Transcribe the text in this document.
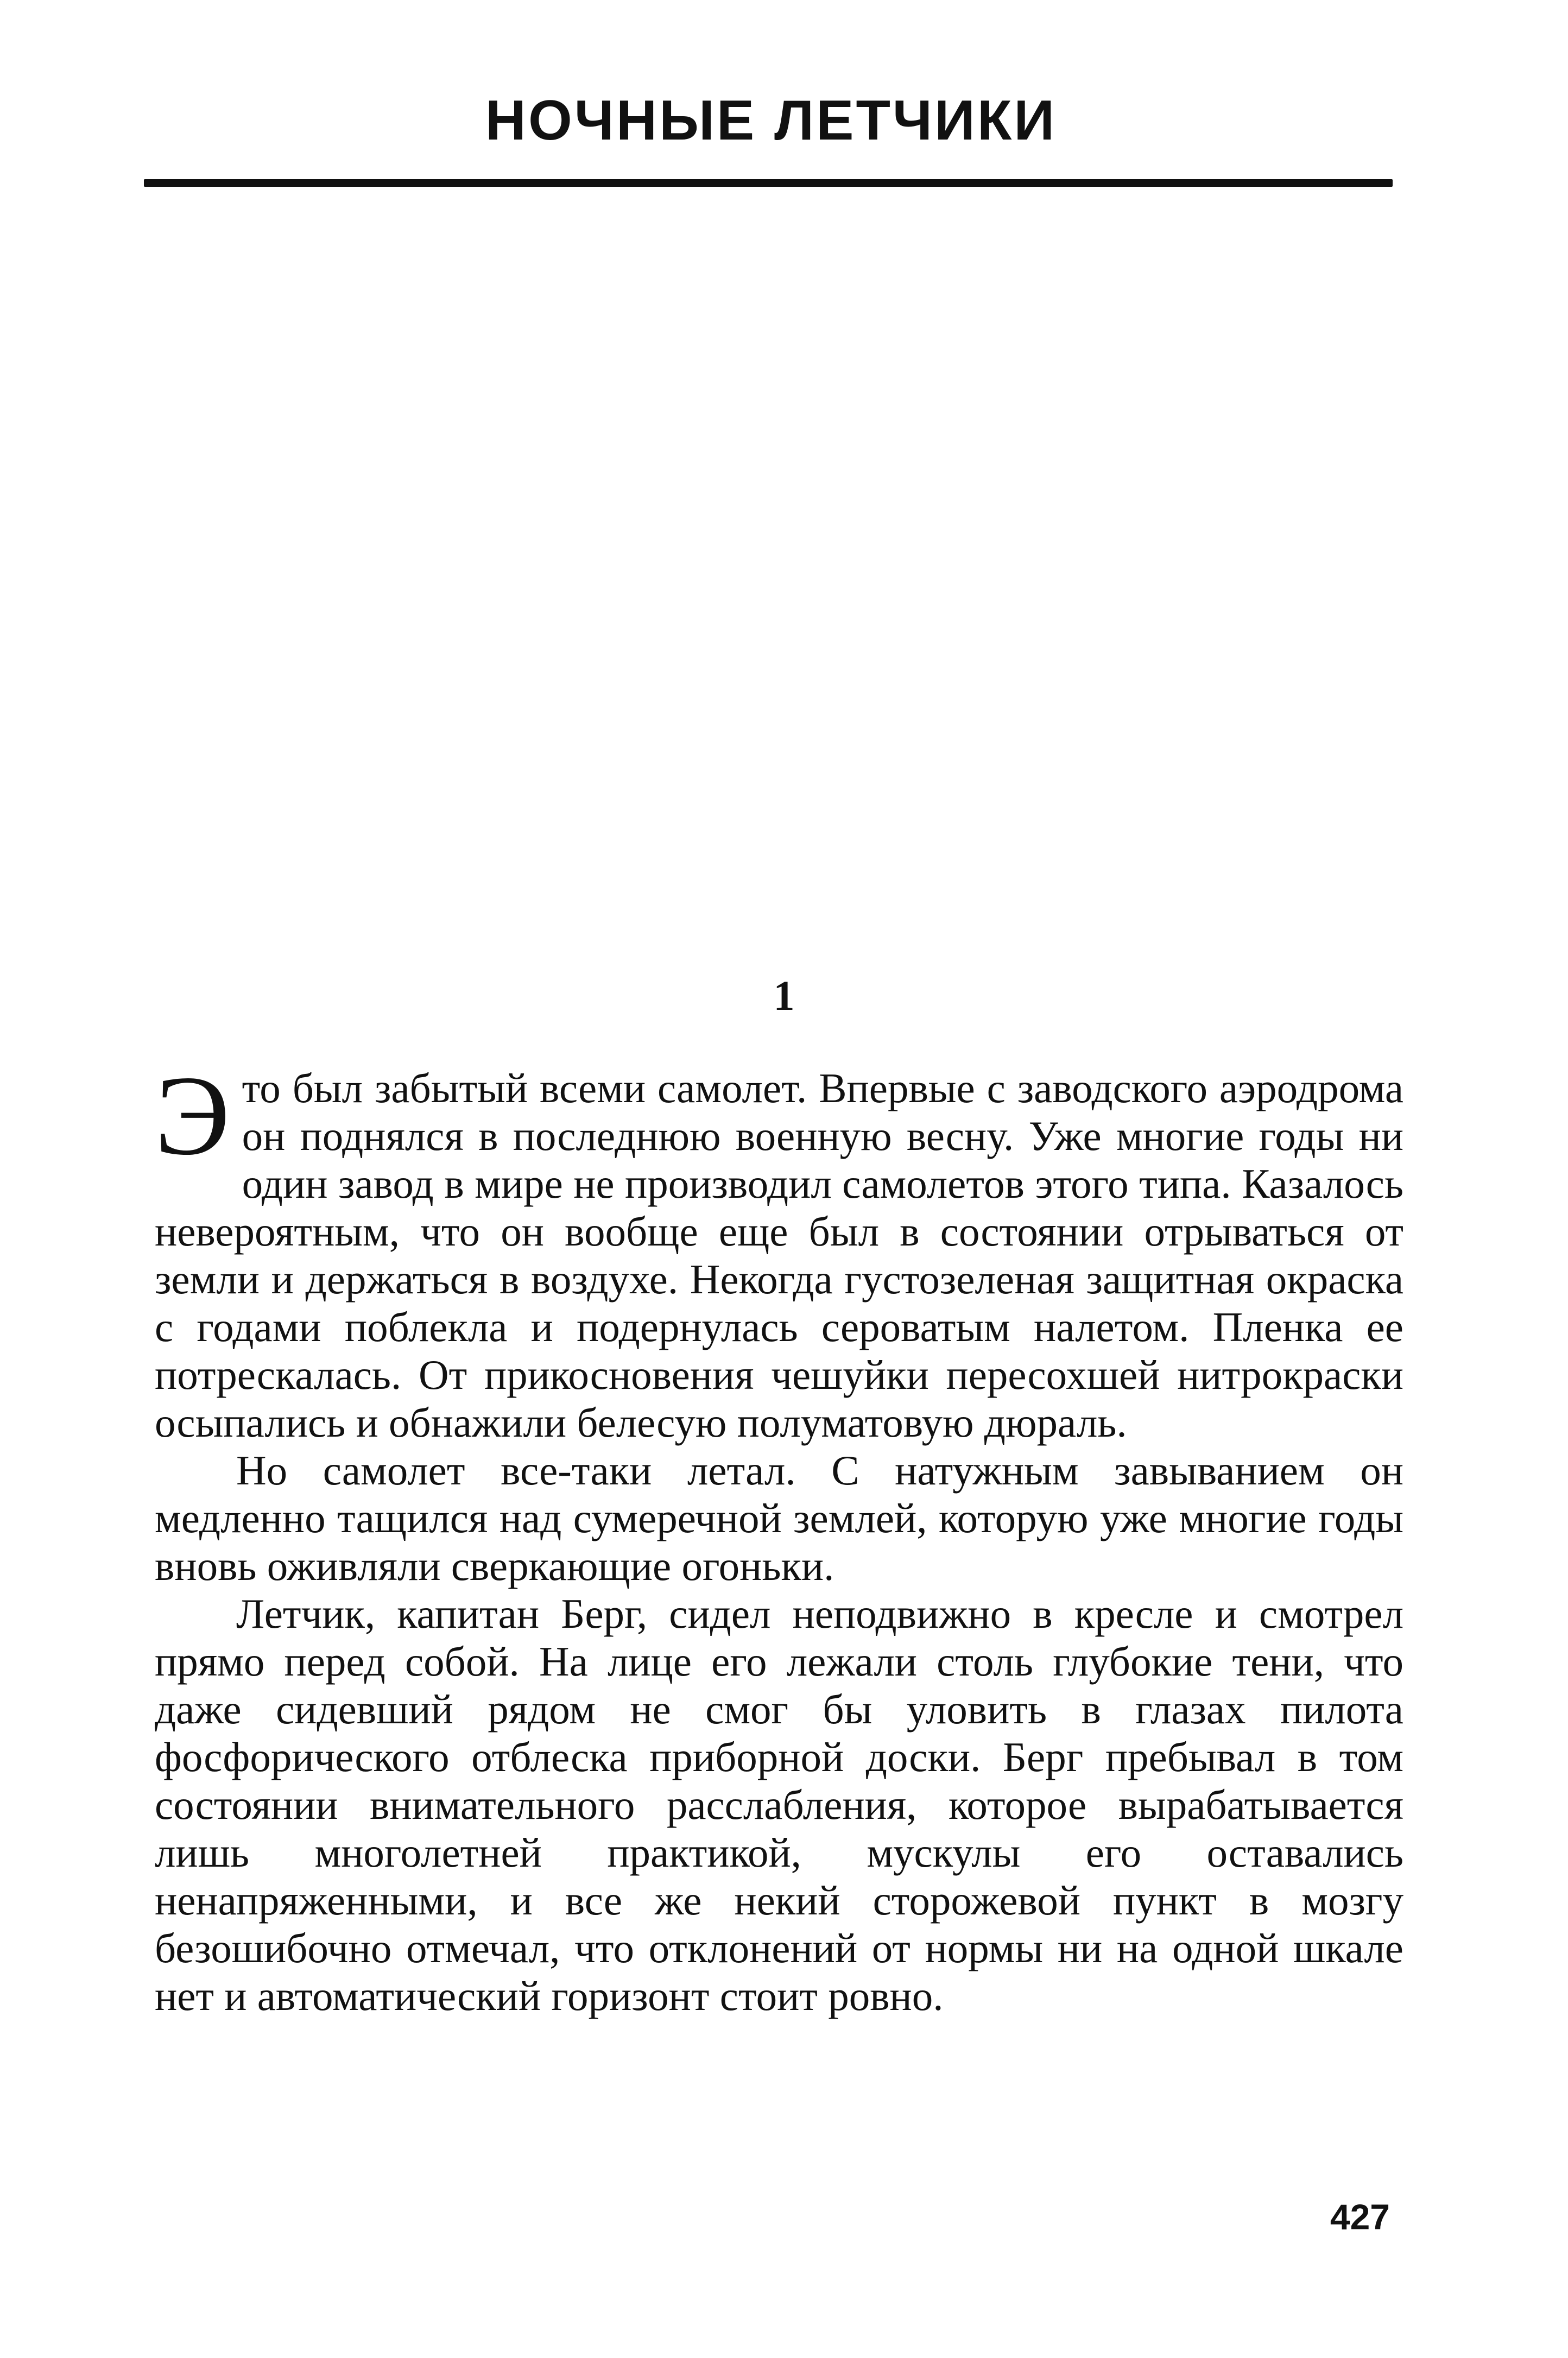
НОЧНЫЕ ЛЕТЧИКИ
1

Это был забытый всеми самолет. Впервые с заводского аэродрома он поднялся в последнюю военную весну. Уже многие годы ни один завод в мире не производил самолетов этого типа. Казалось невероятным, что он вообще еще был в состоянии отрываться от земли и держаться в воздухе. Некогда густозеленая защитная окраска с годами поблекла и подернулась сероватым налетом. Пленка ее потрескалась. От прикосновения чешуйки пересохшей нитрокраски осыпались и обнажили белесую полуматовую дюраль.

Но самолет все-таки летал. С натужным завыванием он медленно тащился над сумеречной землей, которую уже многие годы вновь оживляли сверкающие огоньки.

Летчик, капитан Берг, сидел неподвижно в кресле и смотрел прямо перед собой. На лице его лежали столь глубокие тени, что даже сидевший рядом не смог бы уловить в глазах пилота фосфорического отблеска приборной доски. Берг пребывал в том состоянии внимательного расслабления, которое вырабатывается лишь многолетней практикой, мускулы его оставались ненапряженными, и все же некий сторожевой пункт в мозгу безошибочно отмечал, что отклонений от нормы ни на одной шкале нет и автоматический горизонт стоит ровно.

427
